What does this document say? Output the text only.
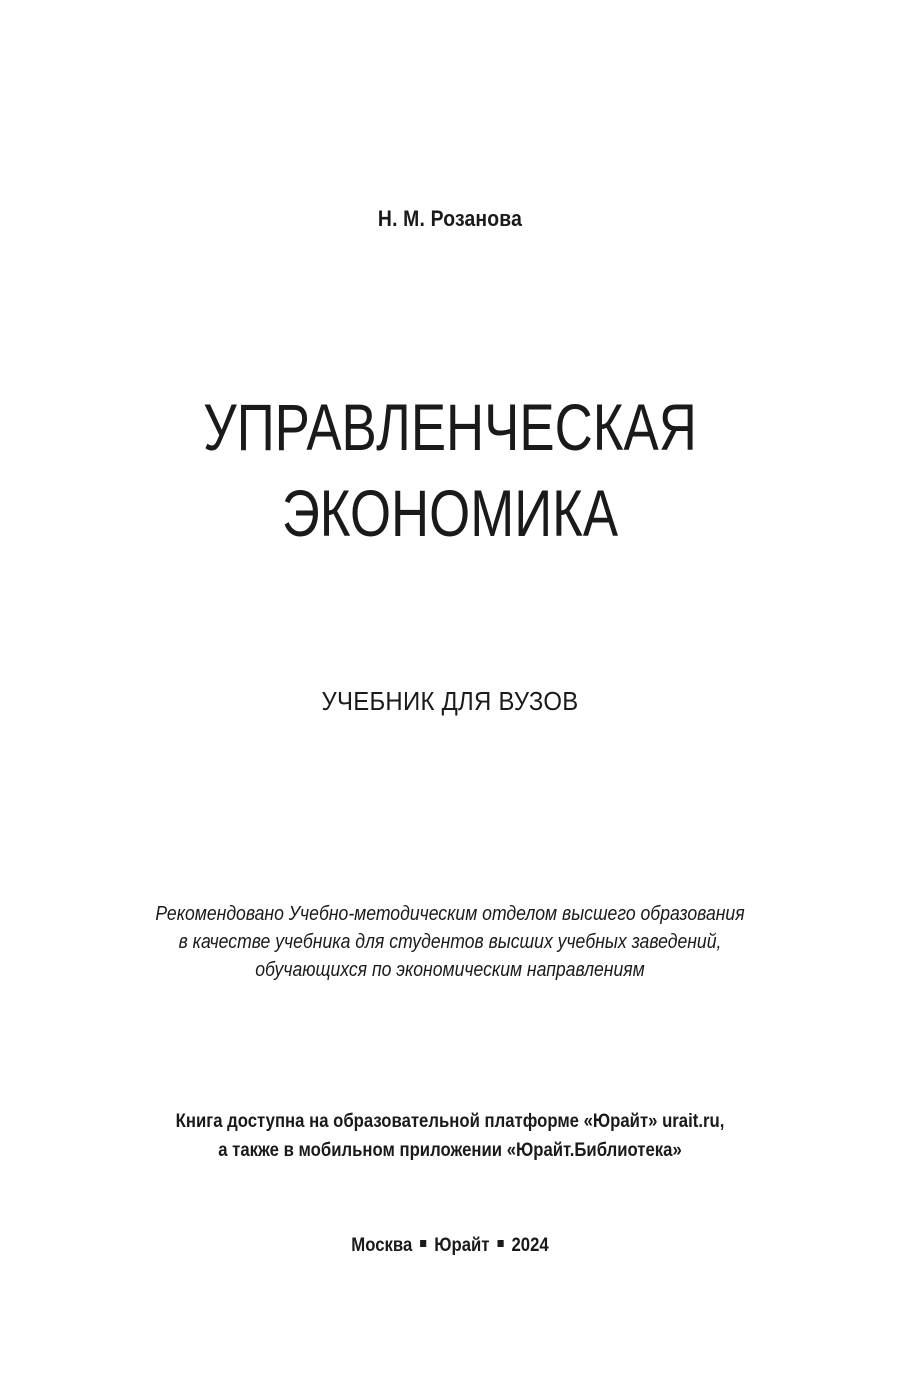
Н. М. Розанова
УПРАВЛЕНЧЕСКАЯ
ЭКОНОМИКА
УЧЕБНИК ДЛЯ ВУЗОВ
Рекомендовано Учебно-методическим отделом высшего образования
в качестве учебника для студентов высших учебных заведений,
обучающихся по экономическим направлениям
Книга доступна на образовательной платформе «Юрайт» urait.ru,
а также в мобильном приложении «Юрайт.Библиотека»
Москва Юрайт 2024
